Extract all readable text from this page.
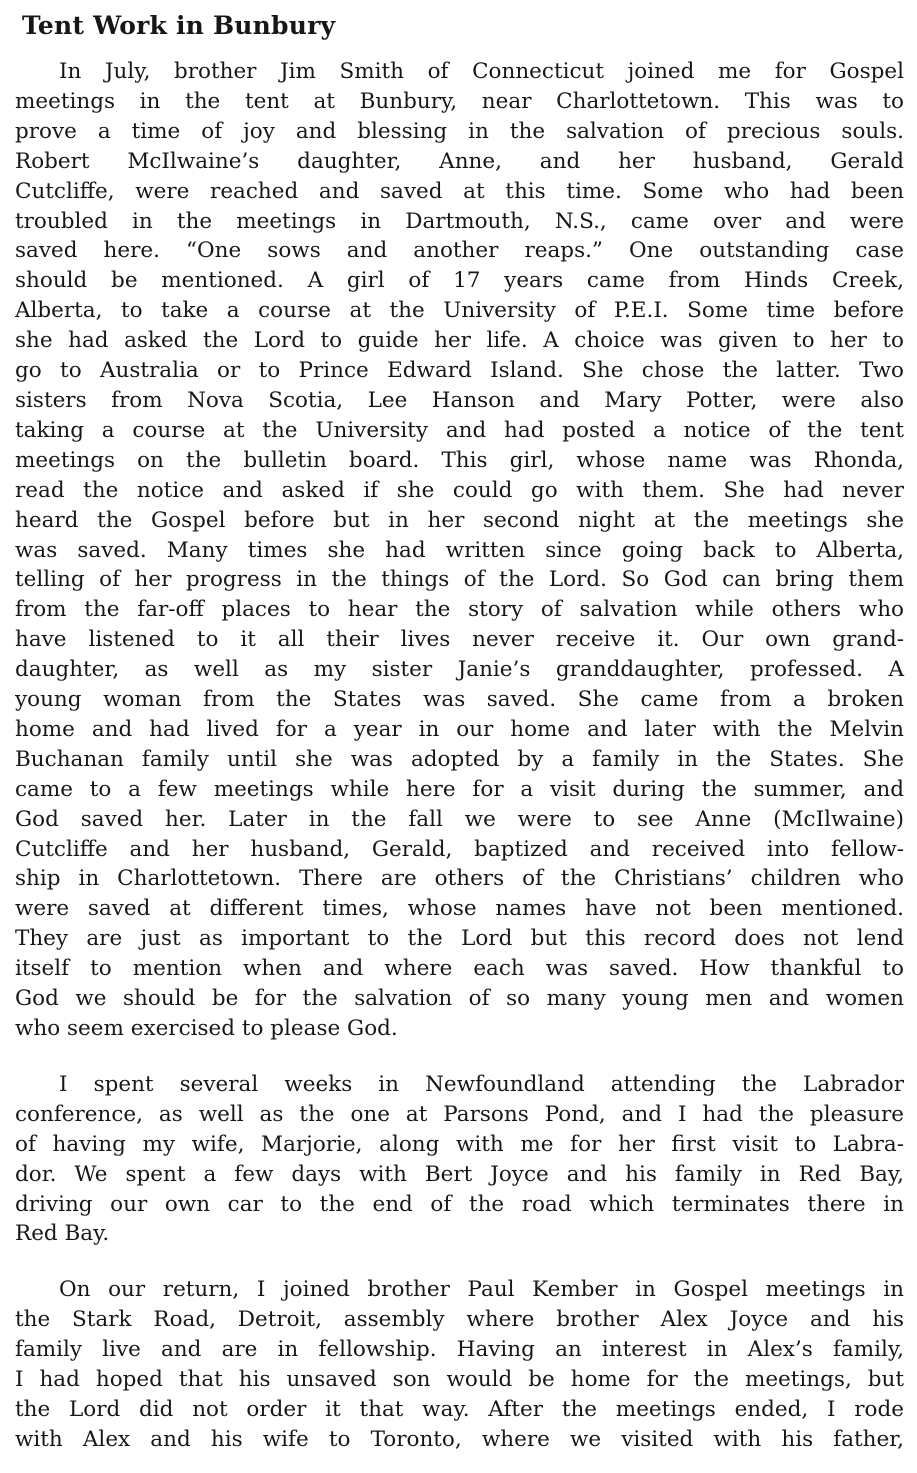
Tent Work in Bunbury
In July, brother Jim Smith of Connecticut joined me for Gospel
meetings in the tent at Bunbury, near Charlottetown. This was to
prove a time of joy and blessing in the salvation of precious souls.
Robert McIlwaine’s daughter, Anne, and her husband, Gerald
Cutcliffe, were reached and saved at this time. Some who had been
troubled in the meetings in Dartmouth, N.S., came over and were
saved here. “One sows and another reaps.” One outstanding case
should be mentioned. A girl of 17 years came from Hinds Creek,
Alberta, to take a course at the University of P.E.I. Some time before
she had asked the Lord to guide her life. A choice was given to her to
go to Australia or to Prince Edward Island. She chose the latter. Two
sisters from Nova Scotia, Lee Hanson and Mary Potter, were also
taking a course at the University and had posted a notice of the tent
meetings on the bulletin board. This girl, whose name was Rhonda,
read the notice and asked if she could go with them. She had never
heard the Gospel before but in her second night at the meetings she
was saved. Many times she had written since going back to Alberta,
telling of her progress in the things of the Lord. So God can bring them
from the far-off places to hear the story of salvation while others who
have listened to it all their lives never receive it. Our own grand-
daughter, as well as my sister Janie’s granddaughter, professed. A
young woman from the States was saved. She came from a broken
home and had lived for a year in our home and later with the Melvin
Buchanan family until she was adopted by a family in the States. She
came to a few meetings while here for a visit during the summer, and
God saved her. Later in the fall we were to see Anne (McIlwaine)
Cutcliffe and her husband, Gerald, baptized and received into fellow-
ship in Charlottetown. There are others of the Christians’ children who
were saved at different times, whose names have not been mentioned.
They are just as important to the Lord but this record does not lend
itself to mention when and where each was saved. How thankful to
God we should be for the salvation of so many young men and women
who seem exercised to please God.
I spent several weeks in Newfoundland attending the Labrador
conference, as well as the one at Parsons Pond, and I had the pleasure
of having my wife, Marjorie, along with me for her first visit to Labra-
dor. We spent a few days with Bert Joyce and his family in Red Bay,
driving our own car to the end of the road which terminates there in
Red Bay.
On our return, I joined brother Paul Kember in Gospel meetings in
the Stark Road, Detroit, assembly where brother Alex Joyce and his
family live and are in fellowship. Having an interest in Alex’s family,
I had hoped that his unsaved son would be home for the meetings, but
the Lord did not order it that way. After the meetings ended, I rode
with Alex and his wife to Toronto, where we visited with his father,
